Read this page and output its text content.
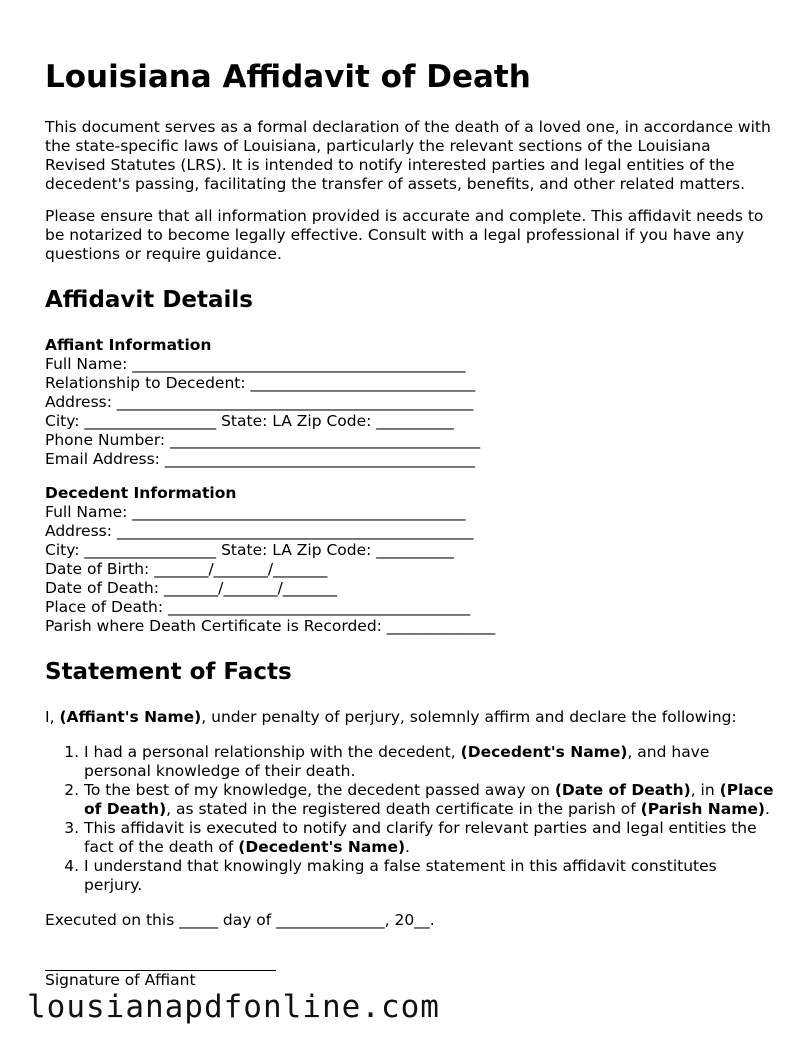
Louisiana Affidavit of Death

This document serves as a formal declaration of the death of a loved one, in accordance with the state-specific laws of Louisiana, particularly the relevant sections of the Louisiana Revised Statutes (LRS). It is intended to notify interested parties and legal entities of the decedent's passing, facilitating the transfer of assets, benefits, and other related matters.

Please ensure that all information provided is accurate and complete. This affidavit needs to be notarized to become legally effective. Consult with a legal professional if you have any questions or require guidance.

Affidavit Details
Affiant Information
Full Name: ___________________________________________
Relationship to Decedent: _____________________________
Address: ______________________________________________
City: _________________ State: LA Zip Code: __________
Phone Number: ________________________________________
Email Address: ________________________________________
Decedent Information
Full Name: ___________________________________________
Address: ______________________________________________
City: _________________ State: LA Zip Code: __________
Date of Birth: _______/_______/_______
Date of Death: _______/_______/_______
Place of Death: _______________________________________
Parish where Death Certificate is Recorded: ______________
Statement of Facts

I, (Affiant's Name), under penalty of perjury, solemnly affirm and declare the following:

1. I had a personal relationship with the decedent, (Decedent's Name), and have personal knowledge of their death.
2. To the best of my knowledge, the decedent passed away on (Date of Death), in (Place of Death), as stated in the registered death certificate in the parish of (Parish Name).
3. This affidavit is executed to notify and clarify for relevant parties and legal entities the fact of the death of (Decedent's Name).
4. I understand that knowingly making a false statement in this affidavit constitutes perjury.
Executed on this _____ day of ______________, 20__.
Signature of Affiant
lousianapdfonline.com
